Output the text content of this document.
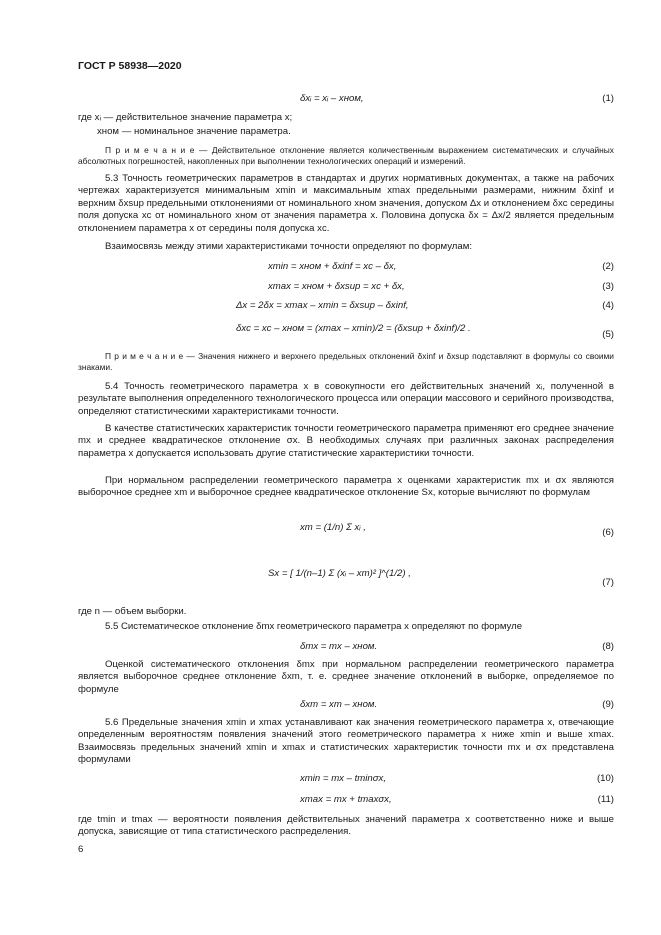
ГОСТ Р 58938—2020
δxᵢ = xᵢ – xном,	(1)
где xᵢ — действительное значение параметра x;
xном — номинальное значение параметра.
П р и м е ч а н и е — Действительное отклонение является количественным выражением систематических и случайных абсолютных погрешностей, накопленных при выполнении технологических операций и измерений.
5.3 Точность геометрических параметров в стандартах и других нормативных документах, а также на рабочих чертежах характеризуется минимальным xmin и максимальным xmax предельными размерами, нижним δxinf и верхним δxsup предельными отклонениями от номинального xном значения, допуском Δx и отклонением δxc середины поля допуска xc от номинального xном от значения параметра x. Половина допуска δx = Δx/2 является предельным отклонением параметра x от середины поля допуска xc.
Взаимосвязь между этими характеристиками точности определяют по формулам:
xmin = xном + δxinf = xc – δx,	(2)
xmax = xном + δxsup = xc + δx,	(3)
Δx = 2δx = xmax – xmin = δxsup – δxinf,	(4)
δxc = xc – xном = (xmax – xmin)/2 = (δxsup + δxinf)/2 .
(5)
П р и м е ч а н и е — Значения нижнего и верхнего предельных отклонений δxinf и δxsup подставляют в формулы со своими знаками.
5.4 Точность геометрического параметра x в совокупности его действительных значений xᵢ, полученной в результате выполнения определенного технологического процесса или операции массового и серийного производства, определяют статистическими характеристиками точности.
В качестве статистических характеристик точности геометрического параметра применяют его среднее значение mx и среднее квадратическое отклонение σx. В необходимых случаях при различных законах распределения параметра x допускается использовать другие статистические характеристики точности.
При нормальном распределении геометрического параметра x оценками характеристик mx и σx являются выборочное среднее xm и выборочное среднее квадратическое отклонение Sx, которые вычисляют по формулам
xm = (1/n) Σ xᵢ ,	(6)
Sx = [ 1/(n–1) Σ (xᵢ – xm)² ]^(1/2) ,
(7)
где n — объем выборки.
5.5 Систематическое отклонение δmx геометрического параметра x определяют по формуле
δmx = mx – xном.	(8)
Оценкой систематического отклонения δmx при нормальном распределении геометрического параметра является выборочное среднее отклонение δxm, т. е. среднее значение отклонений в выборке, определяемое по формуле
δxm = xm – xном.	(9)
5.6 Предельные значения xmin и xmax устанавливают как значения геометрического параметра x, отвечающие определенным вероятностям появления значений этого геометрического параметра x ниже xmin и выше xmax. Взаимосвязь предельных значений xmin и xmax и статистических характеристик точности mx и σx представлена формулами
xmin = mx – tminσx,	(10)
xmax = mx + tmaxσx,	(11)
где tmin и tmax — вероятности появления действительных значений параметра x соответственно ниже и выше допуска, зависящие от типа статистического распределения.
6
